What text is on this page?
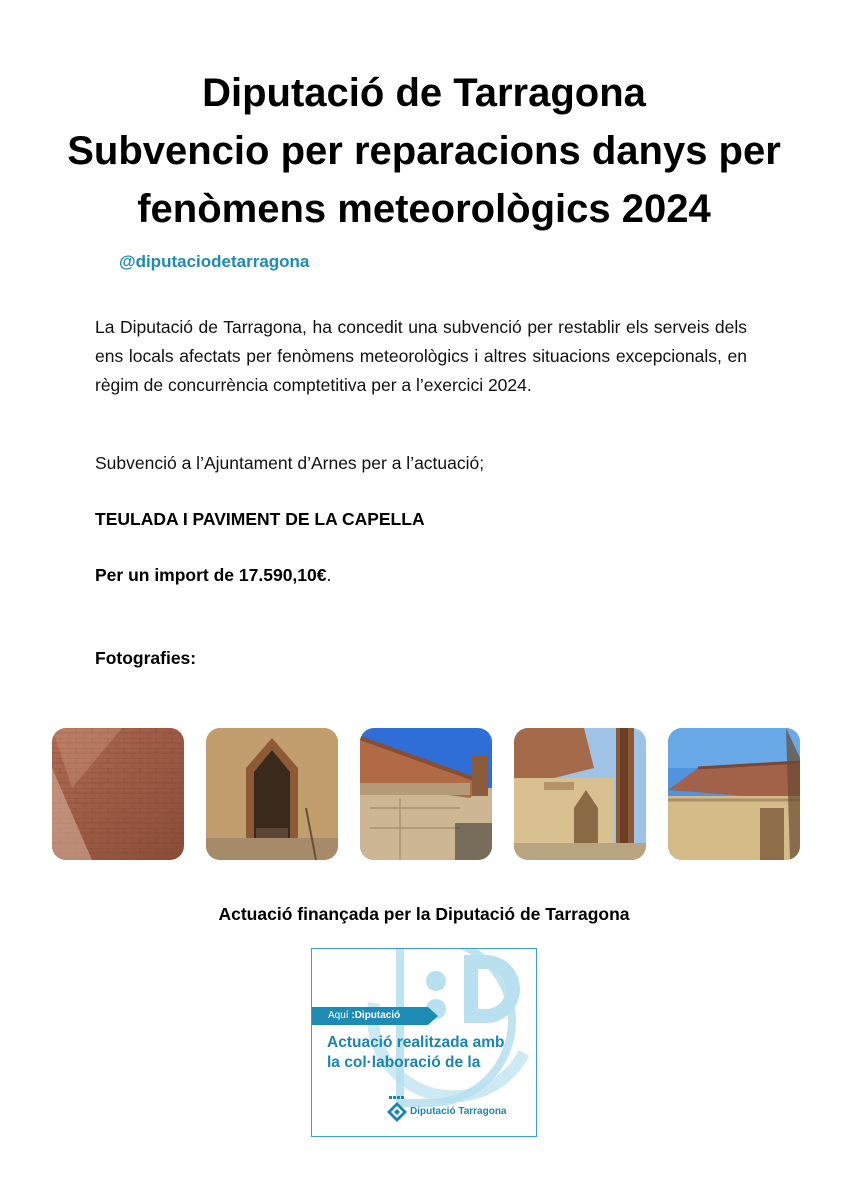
Diputació de Tarragona
Subvencio per reparacions danys per
fenòmens meteorològics 2024
@diputaciodetarragona
La Diputació de Tarragona, ha concedit una subvenció per restablir els serveis dels ens locals afectats per fenòmens meteorològics i altres situacions excepcionals, en règim de concurrència comptetitiva per a l’exercici 2024.
Subvenció a l’Ajuntament d’Arnes per a l’actuació;
TEULADA I PAVIMENT DE LA CAPELLA
Per un import de 17.590,10€.
Fotografies:
Actuació finançada per la Diputació de Tarragona
Aquí :Diputació
Actuació realitzada amb
la col·laboració de la
Diputació Tarragona
